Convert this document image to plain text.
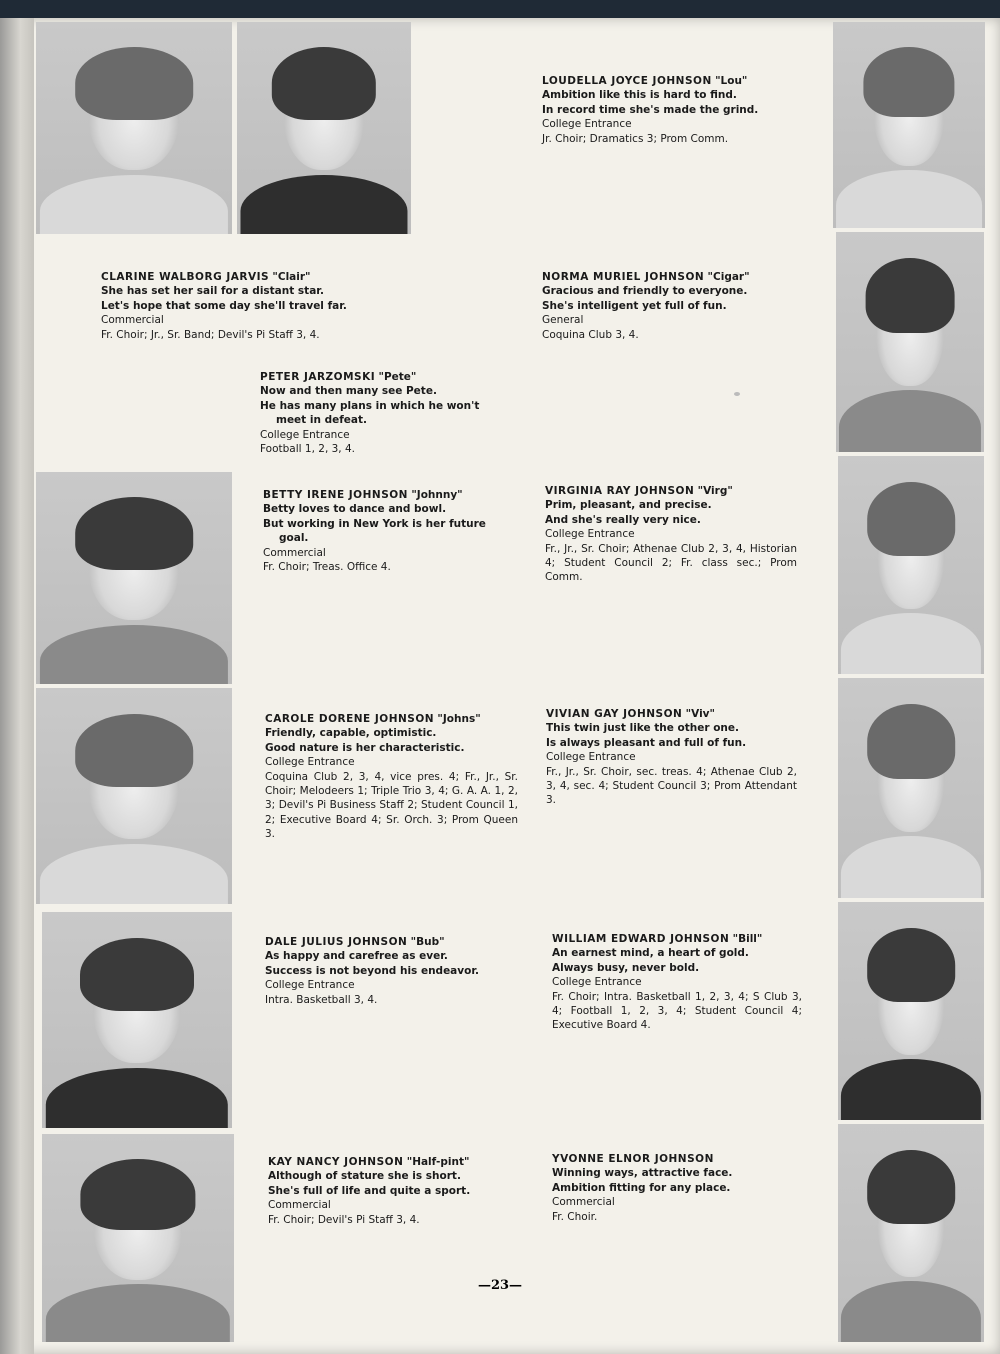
LOUDELLA JOYCE JOHNSON "Lou"
Ambition like this is hard to find.
In record time she's made the grind.
College Entrance
Jr. Choir; Dramatics 3; Prom Comm.
CLARINE WALBORG JARVIS "Clair"
She has set her sail for a distant star.
Let's hope that some day she'll travel far.
Commercial
Fr. Choir; Jr., Sr. Band; Devil's Pi Staff 3, 4.
NORMA MURIEL JOHNSON "Cigar"
Gracious and friendly to everyone.
She's intelligent yet full of fun.
General
Coquina Club 3, 4.
PETER JARZOMSKI "Pete"
Now and then many see Pete.
He has many plans in which he won't
meet in defeat.
College Entrance
Football 1, 2, 3, 4.
BETTY IRENE JOHNSON "Johnny"
Betty loves to dance and bowl.
But working in New York is her future
goal.
Commercial
Fr. Choir; Treas. Office 4.
VIRGINIA RAY JOHNSON "Virg"
Prim, pleasant, and precise.
And she's really very nice.
College Entrance
Fr., Jr., Sr. Choir; Athenae Club 2, 3, 4, Historian 4; Student Council 2; Fr. class sec.; Prom Comm.
CAROLE DORENE JOHNSON "Johns"
Friendly, capable, optimistic.
Good nature is her characteristic.
College Entrance
Coquina Club 2, 3, 4, vice pres. 4; Fr., Jr., Sr. Choir; Melodeers 1; Triple Trio 3, 4; G. A. A. 1, 2, 3; Devil's Pi Business Staff 2; Student Council 1, 2; Executive Board 4; Sr. Orch. 3; Prom Queen 3.
VIVIAN GAY JOHNSON "Viv"
This twin just like the other one.
Is always pleasant and full of fun.
College Entrance
Fr., Jr., Sr. Choir, sec. treas. 4; Athenae Club 2, 3, 4, sec. 4; Student Council 3; Prom Attendant 3.
DALE JULIUS JOHNSON "Bub"
As happy and carefree as ever.
Success is not beyond his endeavor.
College Entrance
Intra. Basketball 3, 4.
WILLIAM EDWARD JOHNSON "Bill"
An earnest mind, a heart of gold.
Always busy, never bold.
College Entrance
Fr. Choir; Intra. Basketball 1, 2, 3, 4; S Club 3, 4; Football 1, 2, 3, 4; Student Council 4; Executive Board 4.
KAY NANCY JOHNSON "Half-pint"
Although of stature she is short.
She's full of life and quite a sport.
Commercial
Fr. Choir; Devil's Pi Staff 3, 4.
YVONNE ELNOR JOHNSON
Winning ways, attractive face.
Ambition fitting for any place.
Commercial
Fr. Choir.
—23—
